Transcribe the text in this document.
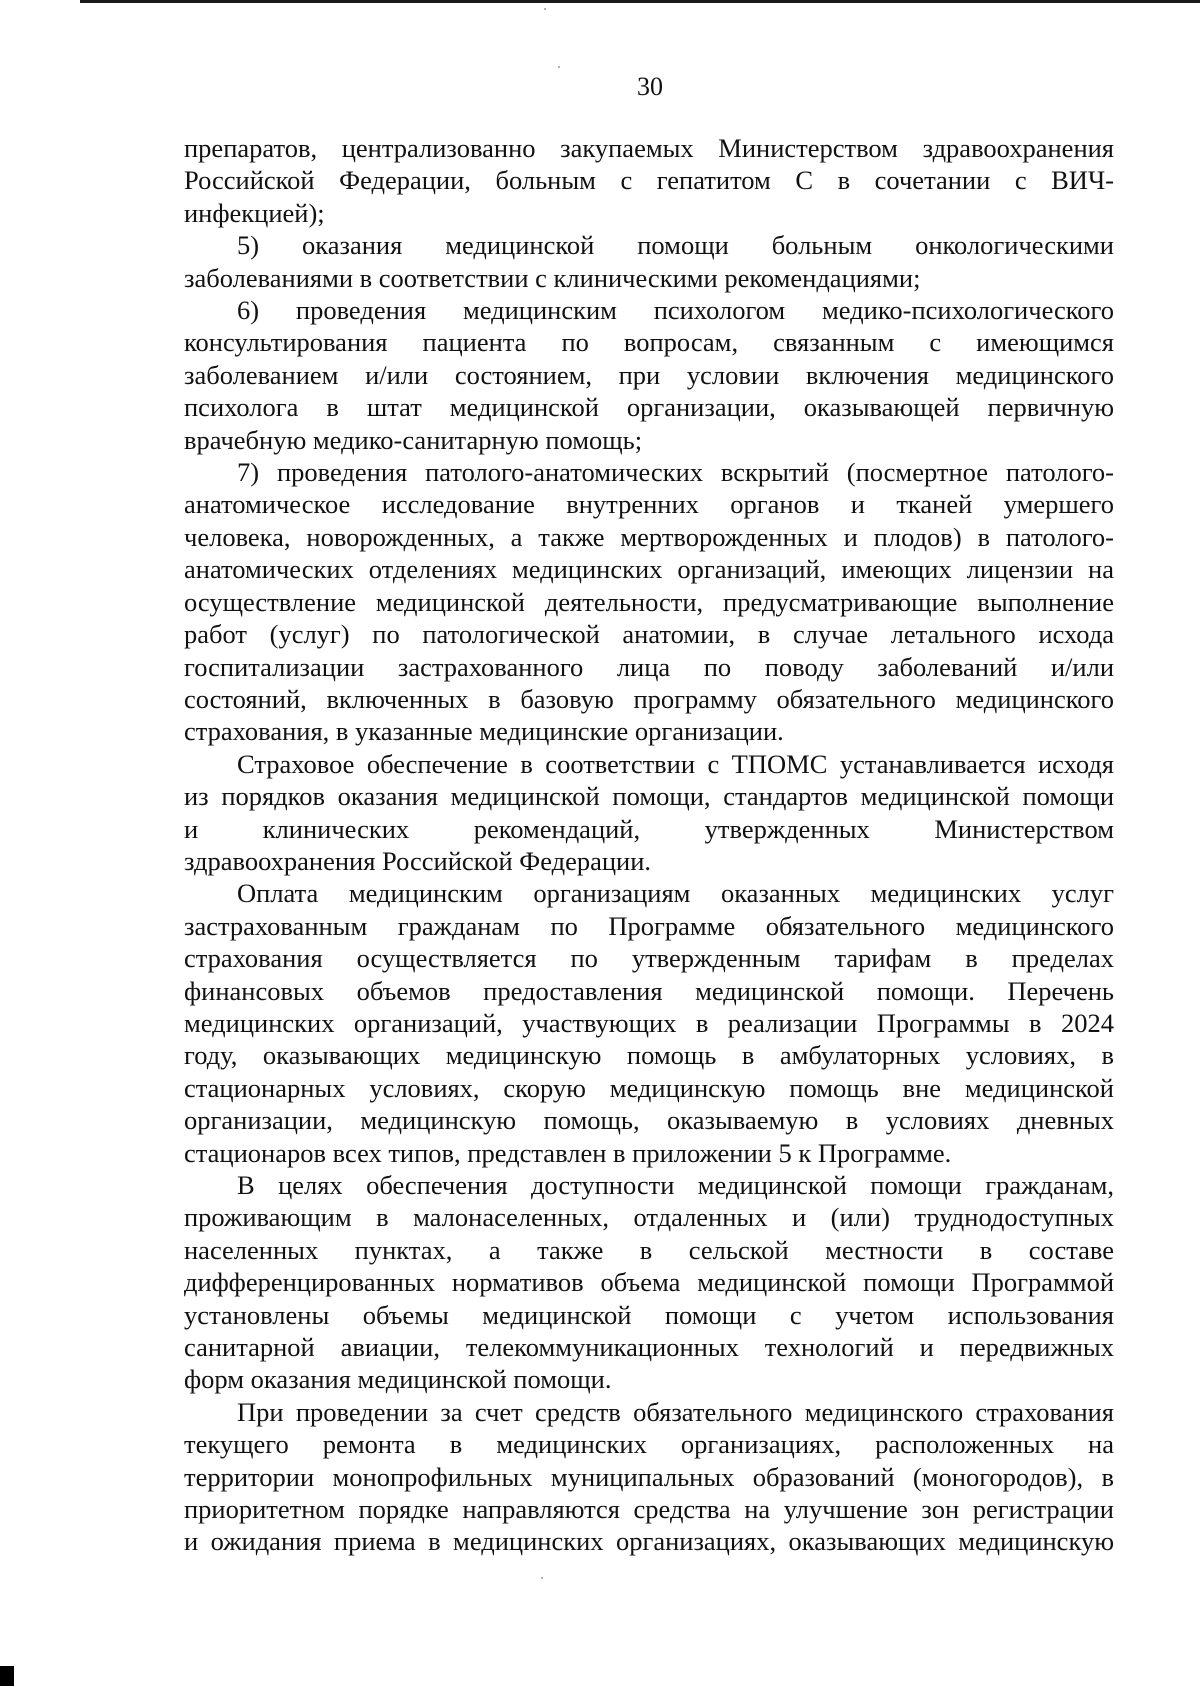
30
препаратов, централизованно закупаемых Министерством здравоохранения
Российской Федерации, больным с гепатитом С в сочетании с ВИЧ-
инфекцией);
5) оказания медицинской помощи больным онкологическими
заболеваниями в соответствии с клиническими рекомендациями;
6) проведения медицинским психологом медико-психологического
консультирования пациента по вопросам, связанным с имеющимся
заболеванием и/или состоянием, при условии включения медицинского
психолога в штат медицинской организации, оказывающей первичную
врачебную медико-санитарную помощь;
7) проведения патолого-анатомических вскрытий (посмертное патолого-
анатомическое исследование внутренних органов и тканей умершего
человека, новорожденных, а также мертворожденных и плодов) в патолого-
анатомических отделениях медицинских организаций, имеющих лицензии на
осуществление медицинской деятельности, предусматривающие выполнение
работ (услуг) по патологической анатомии, в случае летального исхода
госпитализации застрахованного лица по поводу заболеваний и/или
состояний, включенных в базовую программу обязательного медицинского
страхования, в указанные медицинские организации.
Страховое обеспечение в соответствии с ТПОМС устанавливается исходя
из порядков оказания медицинской помощи, стандартов медицинской помощи
и клинических рекомендаций, утвержденных Министерством
здравоохранения Российской Федерации.
Оплата медицинским организациям оказанных медицинских услуг
застрахованным гражданам по Программе обязательного медицинского
страхования осуществляется по утвержденным тарифам в пределах
финансовых объемов предоставления медицинской помощи. Перечень
медицинских организаций, участвующих в реализации Программы в 2024
году, оказывающих медицинскую помощь в амбулаторных условиях, в
стационарных условиях, скорую медицинскую помощь вне медицинской
организации, медицинскую помощь, оказываемую в условиях дневных
стационаров всех типов, представлен в приложении 5 к Программе.
В целях обеспечения доступности медицинской помощи гражданам,
проживающим в малонаселенных, отдаленных и (или) труднодоступных
населенных пунктах, а также в сельской местности в составе
дифференцированных нормативов объема медицинской помощи Программой
установлены объемы медицинской помощи с учетом использования
санитарной авиации, телекоммуникационных технологий и передвижных
форм оказания медицинской помощи.
При проведении за счет средств обязательного медицинского страхования
текущего ремонта в медицинских организациях, расположенных на
территории монопрофильных муниципальных образований (моногородов), в
приоритетном порядке направляются средства на улучшение зон регистрации
и ожидания приема в медицинских организациях, оказывающих медицинскую
